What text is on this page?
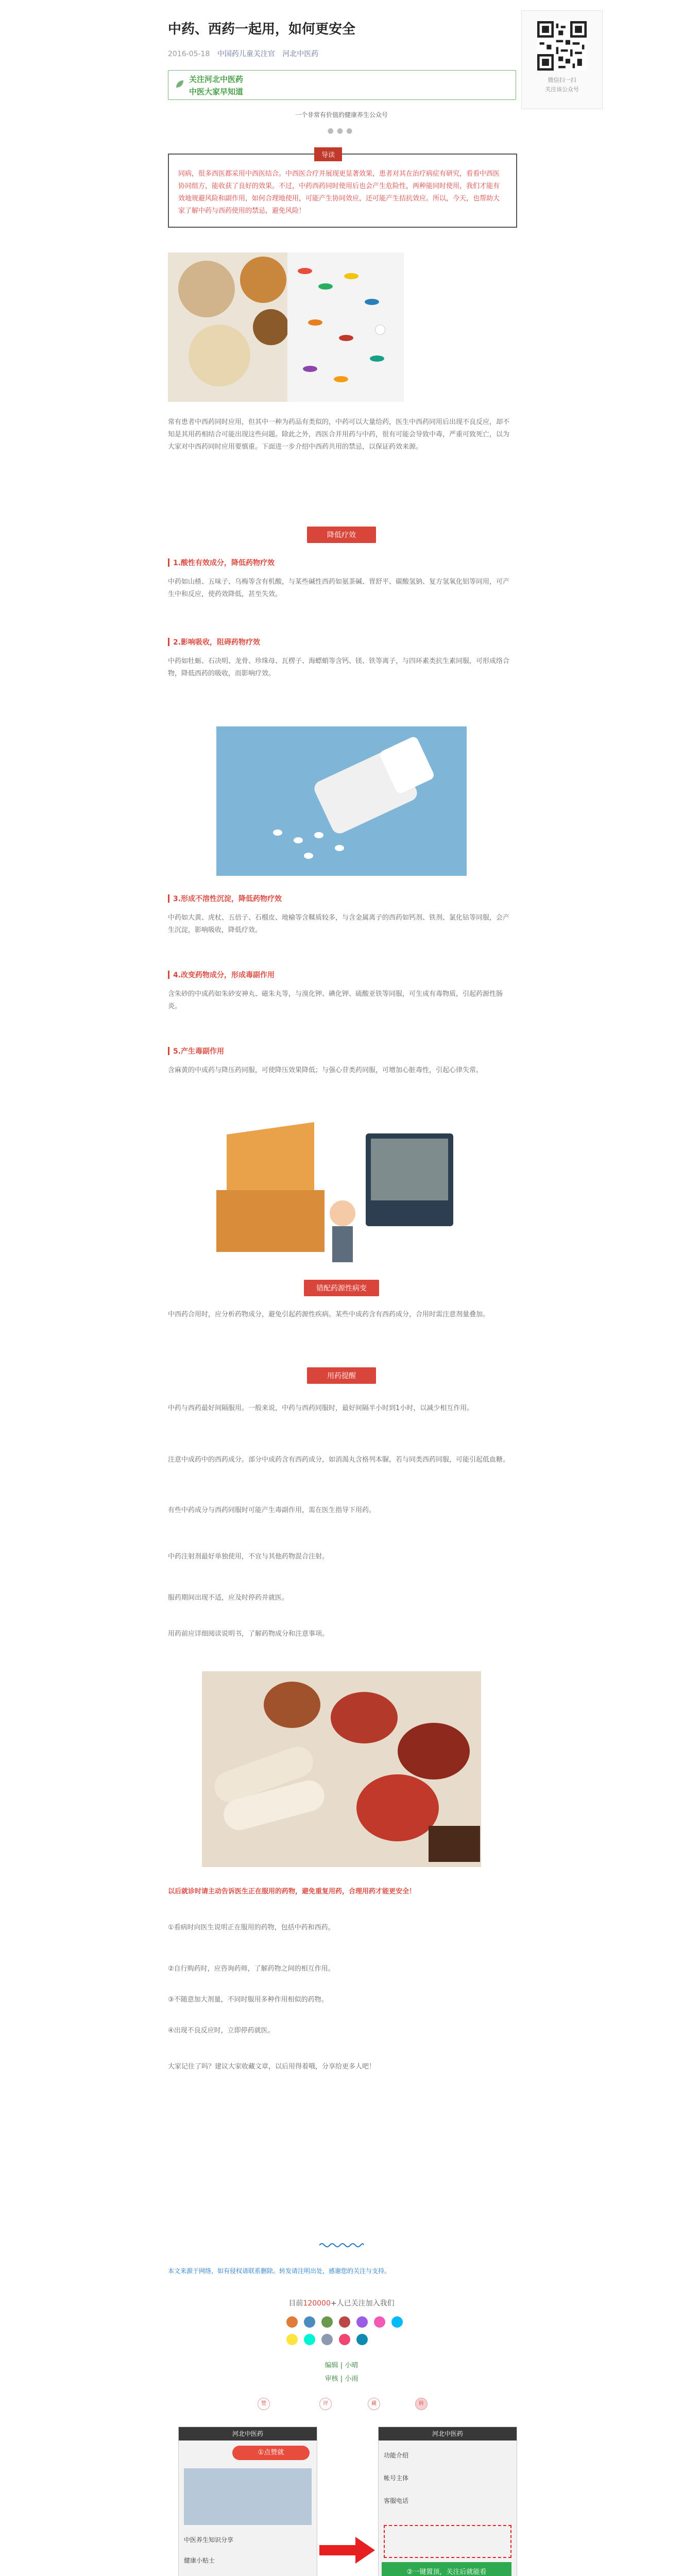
中药、西药一起用，如何更安全
2016-05-18 中国药儿童关注官 河北中医药
微信扫一扫
关注该公众号
关注河北中医药
中医大家早知道
一个非常有价值的健康养生公众号
●●●
导读
同病，很多西医都采用中西医结合。中西医合疗并展现更显著效果，患者对其在治疗病症有研究，看看中西医协同组方，能收获了良好的效果。不过，中药西药同时使用后也会产生危险性，两种能同时使用，我们才能有效地规避风险和副作用，如何合理地使用，可能产生协同效应，还可能产生拮抗效应。所以，今天，也帮助大家了解中药与西药使用的禁忌，避免风险！
常有患者中西药同时应用，但其中一种为药品有类似的，中药可以大量给药，医生中西药同用后出现不良反应，却不知是其用药相结合可能出现这些问题。除此之外，西医合并用药与中药，很有可能会导致中毒，严重可致死亡，以为大家对中西药同时应用要慎重。下面进一步介绍中西药共用的禁忌，以保证药效来源。
降低疗效
1.酸性有效成分，降低药物疗效
中药如山楂、五味子、乌梅等含有机酸，与某些碱性西药如氨茶碱、胃舒平、碳酸氢钠、复方氢氧化铝等同用，可产生中和反应，使药效降低，甚至失效。
2.影响吸收，阻碍药物疗效
中药如牡蛎、石决明、龙骨、珍珠母、瓦楞子、海螵蛸等含钙、镁、铁等离子，与四环素类抗生素同服，可形成络合物，降低西药的吸收，而影响疗效。
3.形成不溶性沉淀，降低药物疗效
中药如大黄、虎杖、五倍子、石榴皮、地榆等含鞣质较多，与含金属离子的西药如钙剂、铁剂、氯化钴等同服，会产生沉淀，影响吸收，降低疗效。
4.改变药物成分，形成毒副作用
含朱砂的中成药如朱砂安神丸、磁朱丸等，与溴化钾、碘化钾、硫酸亚铁等同服，可生成有毒物质，引起药源性肠炎。
5.产生毒副作用
含麻黄的中成药与降压药同服，可使降压效果降低；与强心苷类药同服，可增加心脏毒性，引起心律失常。
错配药源性病变
中西药合用时，应分析药物成分，避免引起药源性疾病。某些中成药含有西药成分，合用时需注意剂量叠加。
用药提醒
中药与西药最好间隔服用。一般来说，中药与西药同服时，最好间隔半小时到1小时，以减少相互作用。
注意中成药中的西药成分。部分中成药含有西药成分，如消渴丸含格列本脲，若与同类西药同服，可能引起低血糖。
有些中药成分与西药同服时可能产生毒副作用，需在医生指导下用药。
中药注射剂最好单独使用，不宜与其他药物混合注射。
服药期间出现不适，应及时停药并就医。
用药前应详细阅读说明书，了解药物成分和注意事项。
以后就诊时请主动告诉医生正在服用的药物，避免重复用药，合理用药才能更安全！
①看病时向医生说明正在服用的药物，包括中药和西药。
②自行购药时，应咨询药师，了解药物之间的相互作用。
③不随意加大剂量，不同时服用多种作用相似的药物。
④出现不良反应时，立即停药就医。
大家记住了吗？建议大家收藏文章，以后用得着哦，分享给更多人吧！
本文来源于网络，如有侵权请联系删除。转发请注明出处，感谢您的关注与支持。
目前120000+人已关注加入我们
编辑 | 小晴
审核 | 小雨
赞	评	藏	转
河北中医药
①点赞就
中医养生知识分享
健康小贴士
河北中医药
功能介绍
帐号主体
客服电话
②一键置顶，关注后就能看
